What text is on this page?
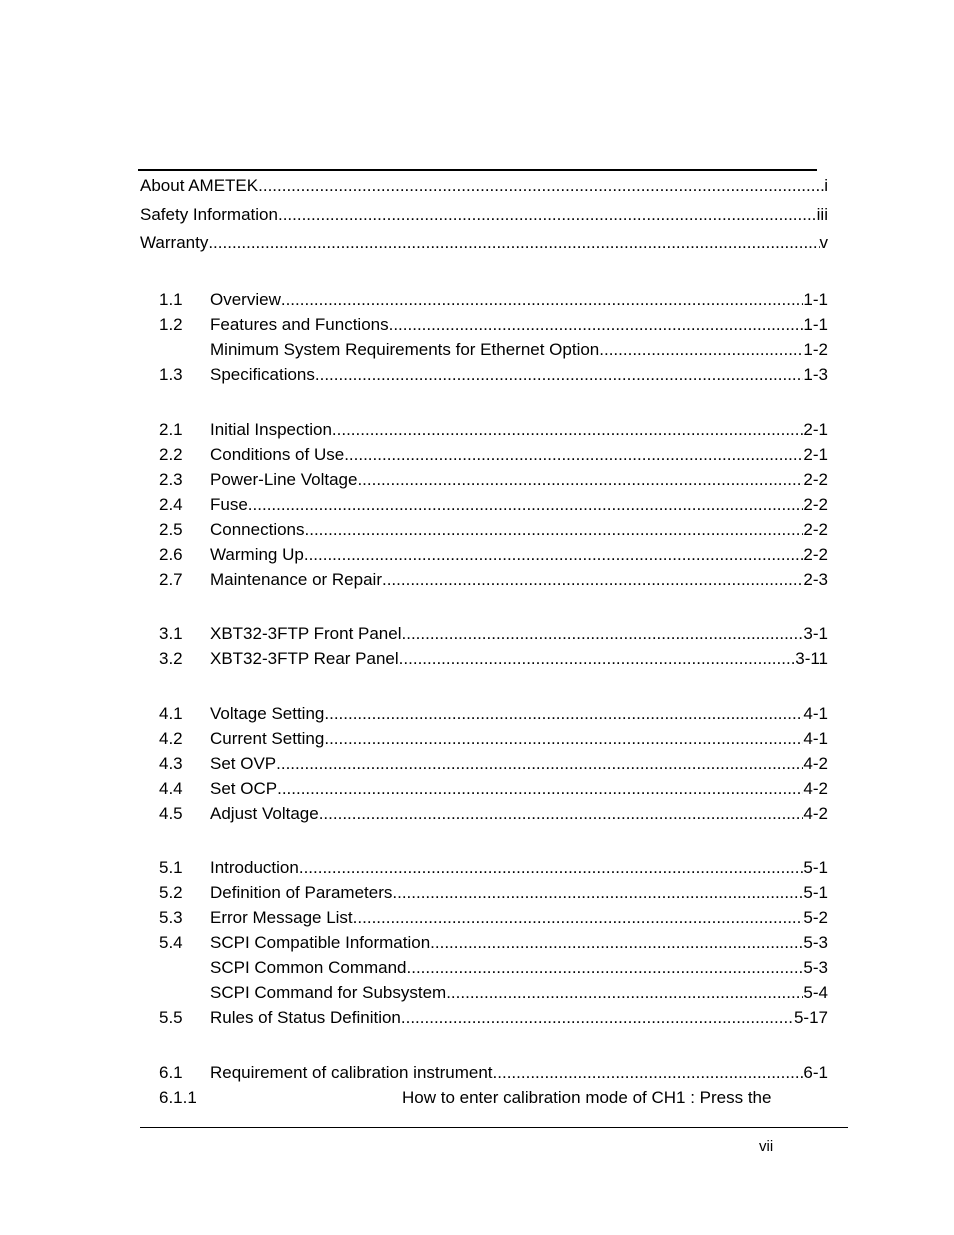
About AMETEK .....	i
Safety Information .....	iii
Warranty .....	v
1.1 Overview .....	1-1
1.2 Features and Functions .....	1-1
Minimum System Requirements for Ethernet Option .....	1-2
1.3 Specifications .....	1-3
2.1 Initial Inspection .....	2-1
2.2 Conditions of Use .....	2-1
2.3 Power-Line Voltage .....	2-2
2.4 Fuse .....	2-2
2.5 Connections .....	2-2
2.6 Warming Up .....	2-2
2.7 Maintenance or Repair .....	2-3
3.1 XBT32-3FTP Front Panel .....	3-1
3.2 XBT32-3FTP Rear Panel .....	3-11
4.1 Voltage Setting .....	4-1
4.2 Current Setting .....	4-1
4.3 Set OVP .....	4-2
4.4 Set OCP .....	4-2
4.5 Adjust Voltage .....	4-2
5.1 Introduction .....	5-1
5.2 Definition of Parameters .....	5-1
5.3 Error Message List .....	5-2
5.4 SCPI Compatible Information .....	5-3
SCPI Common Command .....	5-3
SCPI Command for Subsystem .....	5-4
5.5 Rules of Status Definition .....	5-17
6.1 Requirement of calibration instrument .....	6-1
6.1.1	How to enter calibration mode of CH1 : Press the
vii
